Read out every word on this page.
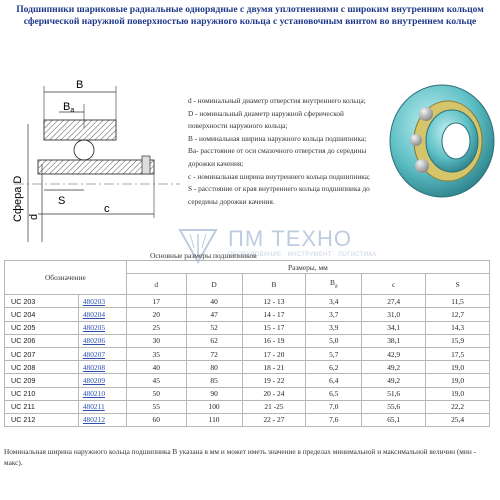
Подшипники шариковые радиальные однорядные с двумя уплотнениями с широким внутренним кольцом
сферической наружной поверхностью наружного кольца с установочным винтом во внутреннем кольце
B
Ba
Сфера D d
S
c
d - номинальный диаметр отверстия внутреннего кольца;
D - номинальный диаметр наружной сферической
поверхности наружного кольца;
B - номинальная ширина наружного кольца подшипника;
Ba- расстояние от оси смазочного отверстия до середины
дорожки качения;
c - номинальная ширина внутреннего кольца подшипника;
S - расстояние от края внутреннего кольца подшипника до
середины дорожки качения.
ПМ ТЕХНО
ОБОРУДОВАНИЕ · ИНСТРУМЕНТ · ЛОГИСТИКА
Основные размеры подшипников
Обозначение		Размеры, мм					
		d	D	B	$B_a$	c	S
UC 203	480203	17	40	12 - 13	3,4	27,4	11,5
UC 204	480204	20	47	14 - 17	3,7	31,0	12,7
UC 205	480205	25	52	15 - 17	3,9	34,1	14,3
UC 206	480206	30	62	16 - 19	5,0	38,1	15,9
UC 207	480207	35	72	17 - 20	5,7	42,9	17,5
UC 208	480208	40	80	18 - 21	6,2	49,2	19,0
UC 209	480209	45	85	19 - 22	6,4	49,2	19,0
UC 210	480210	50	90	20 - 24	6,5	51,6	19,0
UC 211	480211	55	100	21 -25	7,0	55,6	22,2
UC 212	480212	60	110	22 - 27	7,6	65,1	25,4
Номинальная ширина наружного кольца подшипника B указана в мм и может иметь значение в пределах минимальной и максимальной величин (мин - макс).
